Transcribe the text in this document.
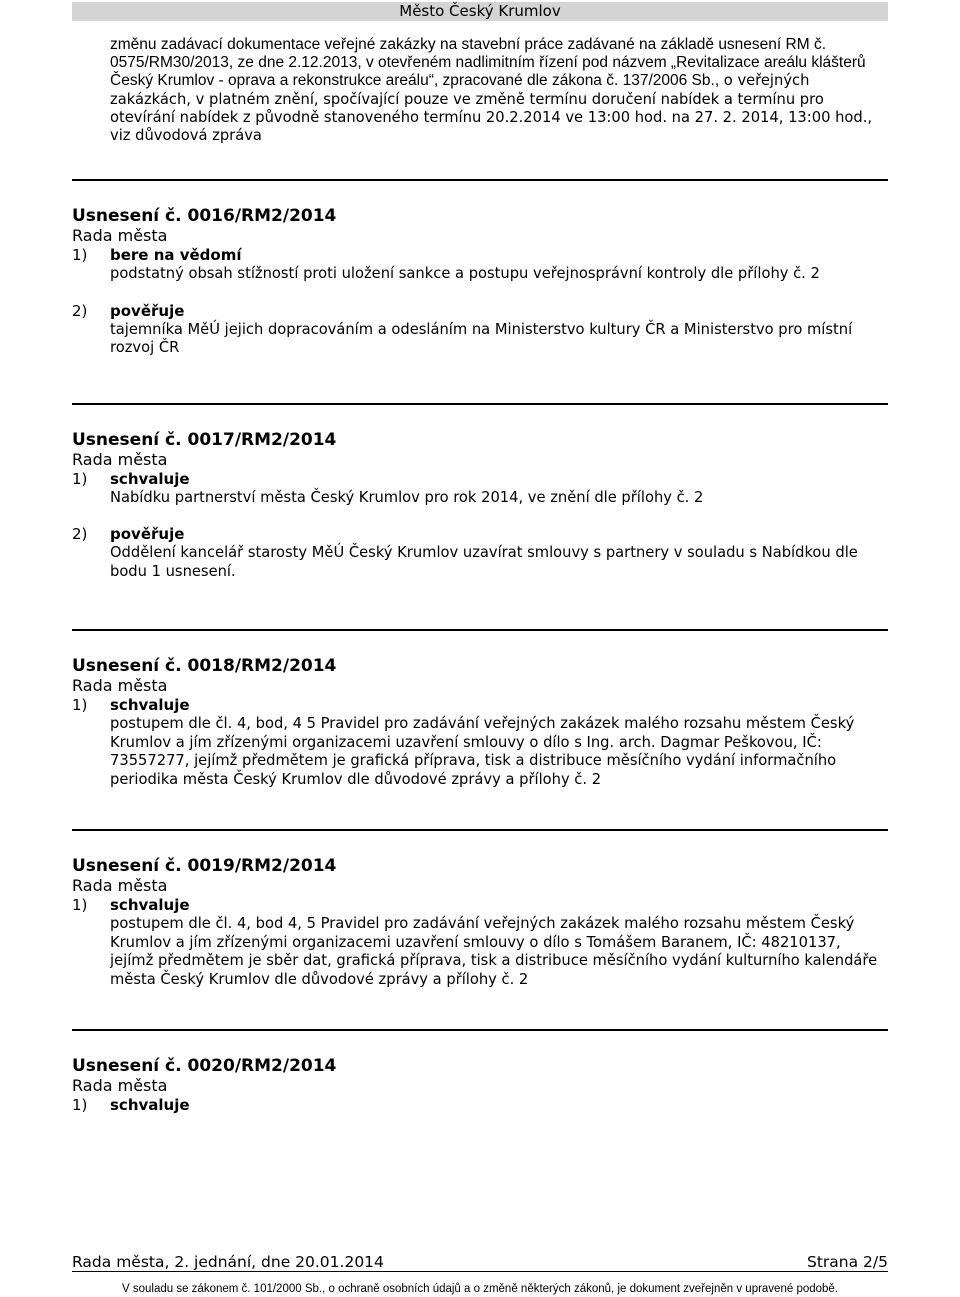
Město Český Krumlov

změnu zadávací dokumentace veřejné zakázky na stavební práce zadávané na základě usnesení RM č. 0575/RM30/2013, ze dne 2.12.2013, v otevřeném nadlimitním řízení pod názvem „Revitalizace areálu klášterů Český Krumlov - oprava a rekonstrukce areálu“, zpracované dle zákona č. 137/2006 Sb., o veřejných zakázkách, v platném znění, spočívající pouze ve změně termínu doručení nabídek a termínu pro otevírání nabídek z původně stanoveného termínu 20.2.2014 ve 13:00 hod. na 27. 2. 2014, 13:00 hod., viz důvodová zpráva

Usnesení č. 0016/RM2/2014

Rada města

1)	bere na vědomí
podstatný obsah stížností proti uložení sankce a postupu veřejnosprávní kontroly dle přílohy č. 2
2)	pověřuje
tajemníka MěÚ jejich dopracováním a odesláním na Ministerstvo kultury ČR a Ministerstvo pro místní rozvoj ČR

Usnesení č. 0017/RM2/2014

Rada města

1)	schvaluje
Nabídku partnerství města Český Krumlov pro rok 2014, ve znění dle přílohy č. 2
2)	pověřuje
Oddělení kancelář starosty MěÚ Český Krumlov uzavírat smlouvy s partnery v souladu s Nabídkou dle bodu 1 usnesení.

Usnesení č. 0018/RM2/2014

Rada města

1)	schvaluje
postupem dle čl. 4, bod, 4 5 Pravidel pro zadávání veřejných zakázek malého rozsahu městem Český Krumlov a jím zřízenými organizacemi uzavření smlouvy o dílo s Ing. arch. Dagmar Peškovou, IČ: 73557277, jejímž předmětem je grafická příprava, tisk a distribuce měsíčního vydání informačního periodika města Český Krumlov dle důvodové zprávy a přílohy č. 2

Usnesení č. 0019/RM2/2014

Rada města

1)	schvaluje
postupem dle čl. 4, bod 4, 5 Pravidel pro zadávání veřejných zakázek malého rozsahu městem Český Krumlov a jím zřízenými organizacemi uzavření smlouvy o dílo s Tomášem Baranem, IČ: 48210137, jejímž předmětem je sběr dat, grafická příprava, tisk a distribuce měsíčního vydání kulturního kalendáře města Český Krumlov dle důvodové zprávy a přílohy č. 2

Usnesení č. 0020/RM2/2014

Rada města

1)	schvaluje
Rada města, 2. jednání, dne 20.01.2014	Strana 2/5
V souladu se zákonem č. 101/2000 Sb., o ochraně osobních údajů a o změně některých zákonů, je dokument zveřejněn v upravené podobě.
